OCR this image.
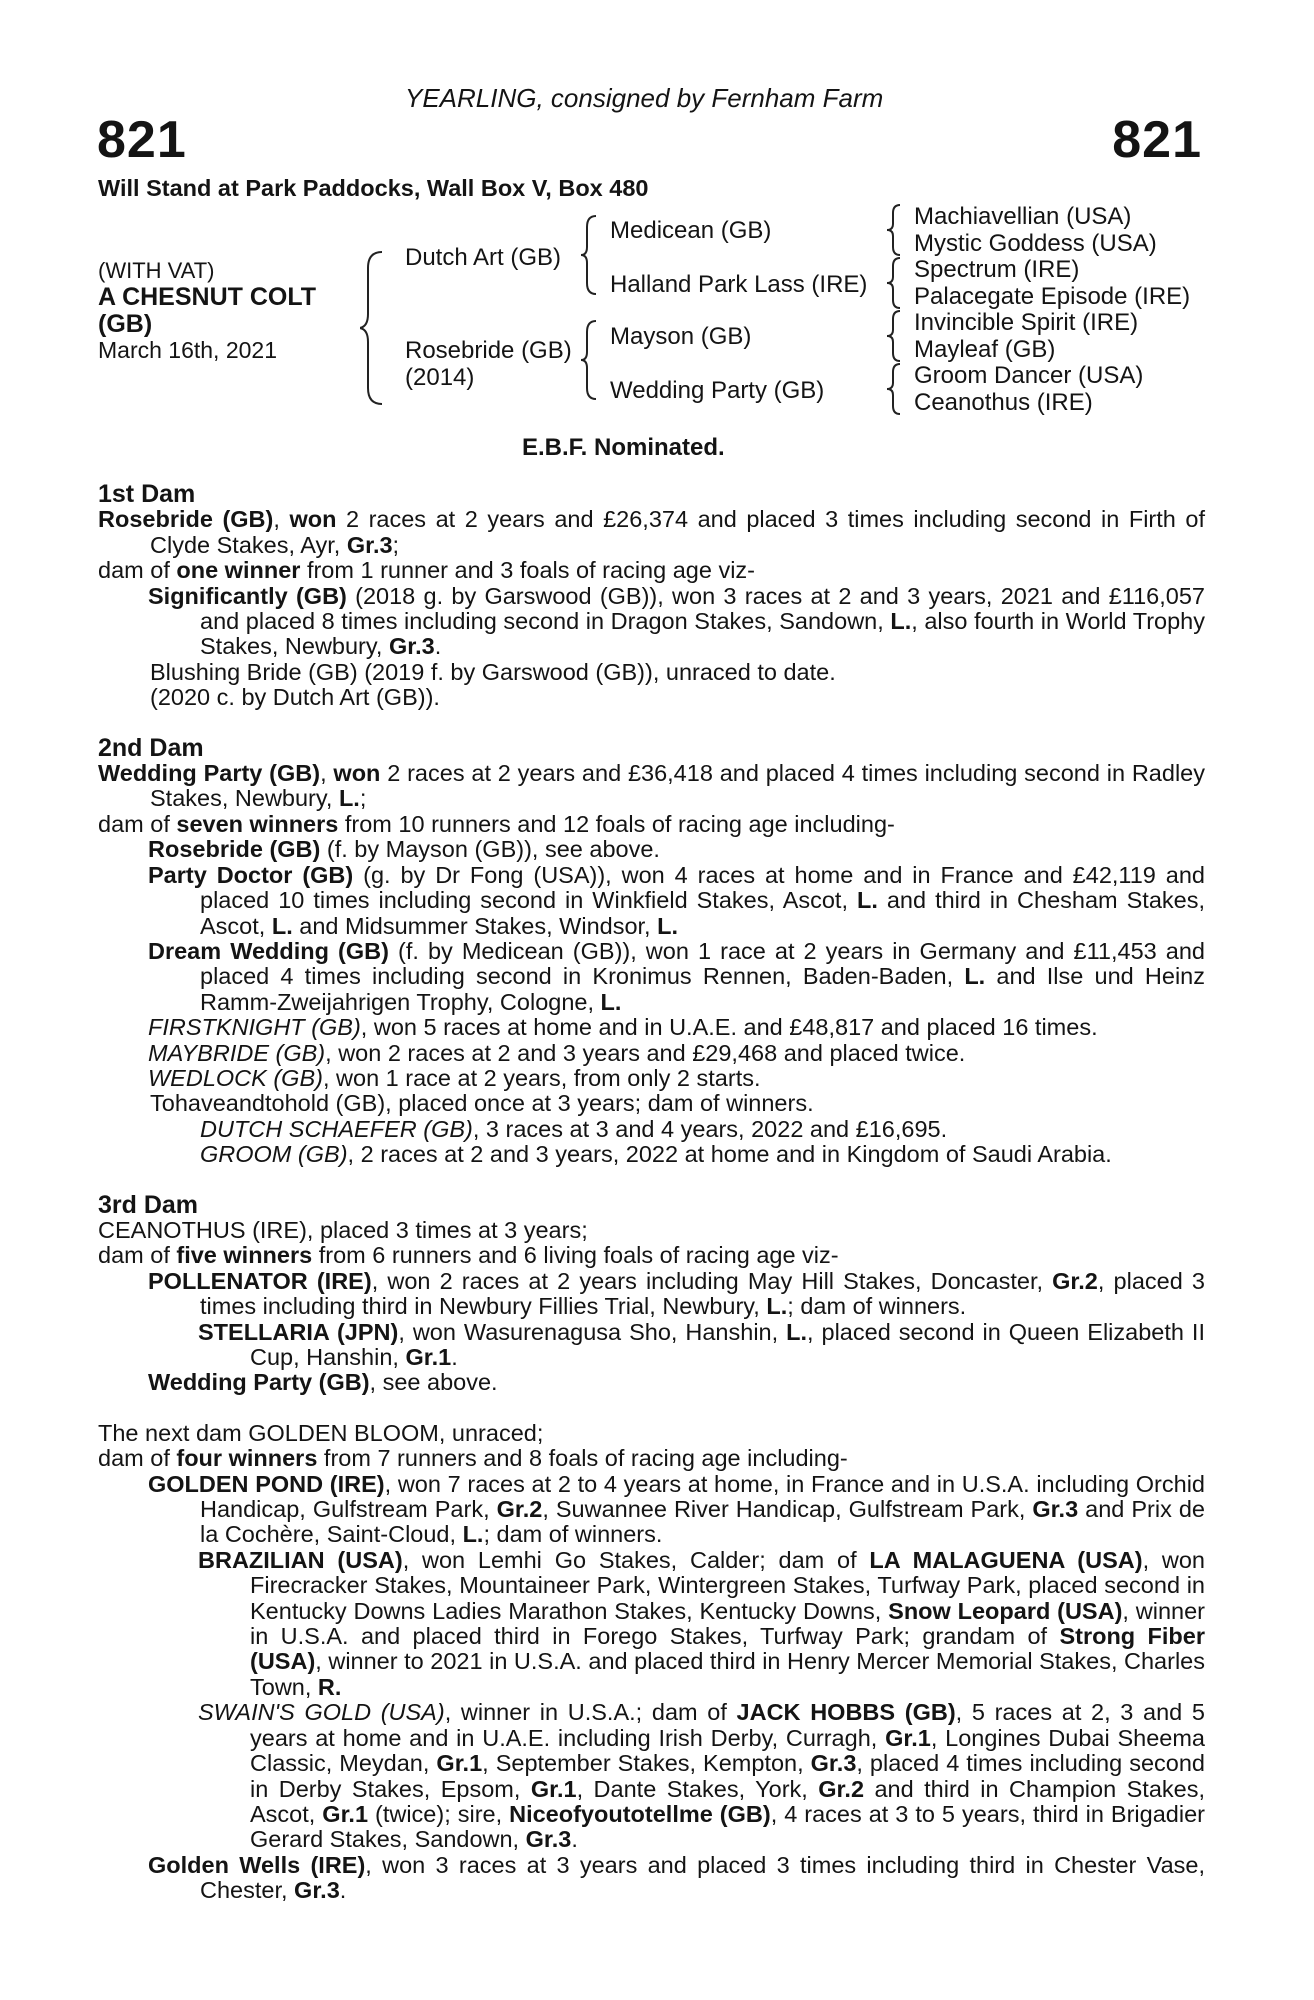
YEARLING, consigned by Fernham Farm
821	821
Will Stand at Park Paddocks, Wall Box V, Box 480
(WITH VAT)
A CHESNUT COLT
(GB)
March 16th, 2021
Dutch Art (GB)
Rosebride (GB)
(2014)
Medicean (GB)
Halland Park Lass (IRE)
Mayson (GB)
Wedding Party (GB)
Machiavellian (USA)
Mystic Goddess (USA)
Spectrum (IRE)
Palacegate Episode (IRE)
Invincible Spirit (IRE)
Mayleaf (GB)
Groom Dancer (USA)
Ceanothus (IRE)
E.B.F. Nominated.

1st Dam

Rosebride (GB), won 2 races at 2 years and £26,374 and placed 3 times including second in Firth of Clyde Stakes, Ayr, Gr.3;

dam of one winner from 1 runner and 3 foals of racing age viz-

Significantly (GB) (2018 g. by Garswood (GB)), won 3 races at 2 and 3 years, 2021 and £116,057 and placed 8 times including second in Dragon Stakes, Sandown, L., also fourth in World Trophy Stakes, Newbury, Gr.3.

Blushing Bride (GB) (2019 f. by Garswood (GB)), unraced to date.

(2020 c. by Dutch Art (GB)).

2nd Dam

Wedding Party (GB), won 2 races at 2 years and £36,418 and placed 4 times including second in Radley Stakes, Newbury, L.;

dam of seven winners from 10 runners and 12 foals of racing age including-

Rosebride (GB) (f. by Mayson (GB)), see above.

Party Doctor (GB) (g. by Dr Fong (USA)), won 4 races at home and in France and £42,119 and placed 10 times including second in Winkfield Stakes, Ascot, L. and third in Chesham Stakes, Ascot, L. and Midsummer Stakes, Windsor, L.

Dream Wedding (GB) (f. by Medicean (GB)), won 1 race at 2 years in Germany and £11,453 and placed 4 times including second in Kronimus Rennen, Baden-Baden, L. and Ilse und Heinz Ramm-Zweijahrigen Trophy, Cologne, L.

FIRSTKNIGHT (GB), won 5 races at home and in U.A.E. and £48,817 and placed 16 times.

MAYBRIDE (GB), won 2 races at 2 and 3 years and £29,468 and placed twice.

WEDLOCK (GB), won 1 race at 2 years, from only 2 starts.

Tohaveandtohold (GB), placed once at 3 years; dam of winners.

DUTCH SCHAEFER (GB), 3 races at 3 and 4 years, 2022 and £16,695.

GROOM (GB), 2 races at 2 and 3 years, 2022 at home and in Kingdom of Saudi Arabia.

3rd Dam

CEANOTHUS (IRE), placed 3 times at 3 years;

dam of five winners from 6 runners and 6 living foals of racing age viz-

POLLENATOR (IRE), won 2 races at 2 years including May Hill Stakes, Doncaster, Gr.2, placed 3 times including third in Newbury Fillies Trial, Newbury, L.; dam of winners.

STELLARIA (JPN), won Wasurenagusa Sho, Hanshin, L., placed second in Queen Elizabeth II Cup, Hanshin, Gr.1.

Wedding Party (GB), see above.

The next dam GOLDEN BLOOM, unraced;

dam of four winners from 7 runners and 8 foals of racing age including-

GOLDEN POND (IRE), won 7 races at 2 to 4 years at home, in France and in U.S.A. including Orchid Handicap, Gulfstream Park, Gr.2, Suwannee River Handicap, Gulfstream Park, Gr.3 and Prix de la Cochère, Saint-Cloud, L.; dam of winners.

BRAZILIAN (USA), won Lemhi Go Stakes, Calder; dam of LA MALAGUENA (USA), won Firecracker Stakes, Mountaineer Park, Wintergreen Stakes, Turfway Park, placed second in Kentucky Downs Ladies Marathon Stakes, Kentucky Downs, Snow Leopard (USA), winner in U.S.A. and placed third in Forego Stakes, Turfway Park; grandam of Strong Fiber (USA), winner to 2021 in U.S.A. and placed third in Henry Mercer Memorial Stakes, Charles Town, R.

SWAIN'S GOLD (USA), winner in U.S.A.; dam of JACK HOBBS (GB), 5 races at 2, 3 and 5 years at home and in U.A.E. including Irish Derby, Curragh, Gr.1, Longines Dubai Sheema Classic, Meydan, Gr.1, September Stakes, Kempton, Gr.3, placed 4 times including second in Derby Stakes, Epsom, Gr.1, Dante Stakes, York, Gr.2 and third in Champion Stakes, Ascot, Gr.1 (twice); sire, Niceofyoutotellme (GB), 4 races at 3 to 5 years, third in Brigadier Gerard Stakes, Sandown, Gr.3.

Golden Wells (IRE), won 3 races at 3 years and placed 3 times including third in Chester Vase, Chester, Gr.3.
